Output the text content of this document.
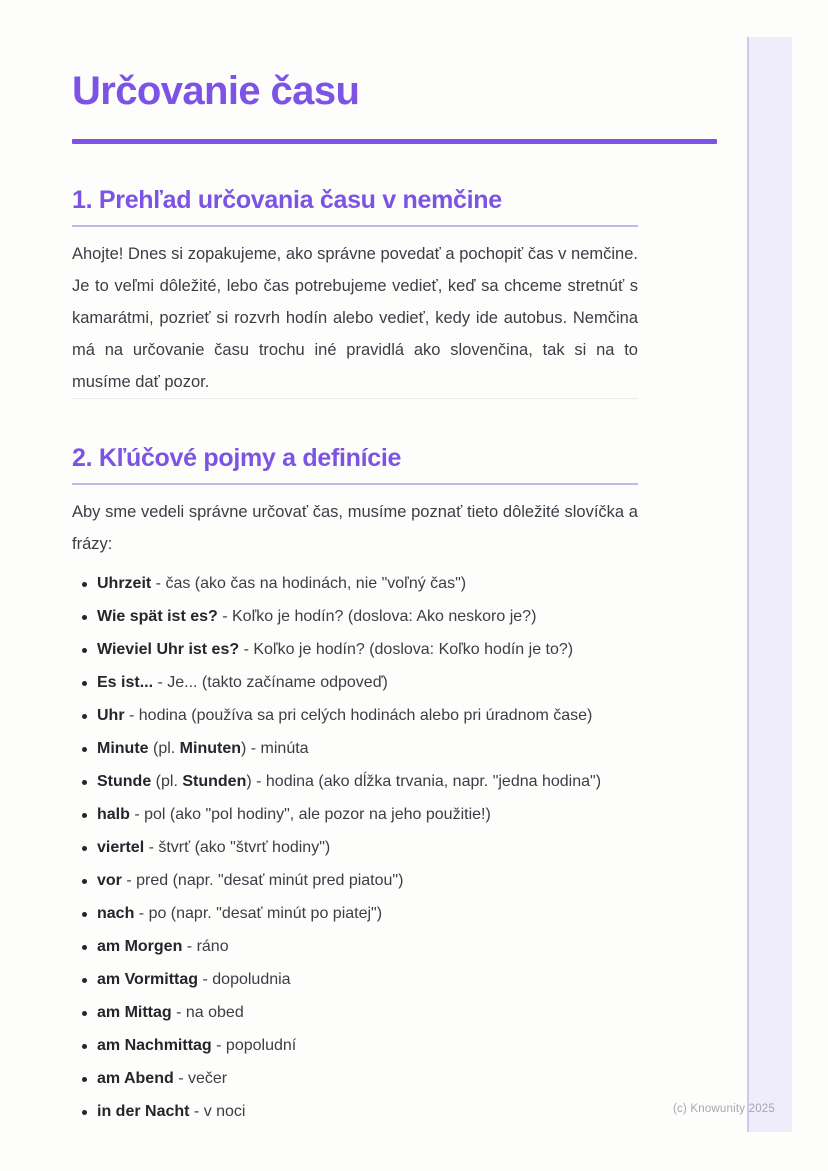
Určovanie času
1. Prehľad určovania času v nemčine

Ahojte! Dnes si zopakujeme, ako správne povedať a pochopiť čas v nemčine. Je to veľmi dôležité, lebo čas potrebujeme vedieť, keď sa chceme stretnúť s kamarátmi, pozrieť si rozvrh hodín alebo vedieť, kedy ide autobus. Nemčina má na určovanie času trochu iné pravidlá ako slovenčina, tak si na to musíme dať pozor.

2. Kľúčové pojmy a definície

Aby sme vedeli správne určovať čas, musíme poznať tieto dôležité slovíčka a frázy:

Uhrzeit - čas (ako čas na hodinách, nie "voľný čas")
Wie spät ist es? - Koľko je hodín? (doslova: Ako neskoro je?)
Wieviel Uhr ist es? - Koľko je hodín? (doslova: Koľko hodín je to?)
Es ist... - Je... (takto začíname odpoveď)
Uhr - hodina (používa sa pri celých hodinách alebo pri úradnom čase)
Minute (pl. Minuten) - minúta
Stunde (pl. Stunden) - hodina (ako dĺžka trvania, napr. "jedna hodina")
halb - pol (ako "pol hodiny", ale pozor na jeho použitie!)
viertel - štvrť (ako "štvrť hodiny")
vor - pred (napr. "desať minút pred piatou")
nach - po (napr. "desať minút po piatej")
am Morgen - ráno
am Vormittag - dopoludnia
am Mittag - na obed
am Nachmittag - popoludní
am Abend - večer
in der Nacht - v noci	(c) Knowunity 2025
